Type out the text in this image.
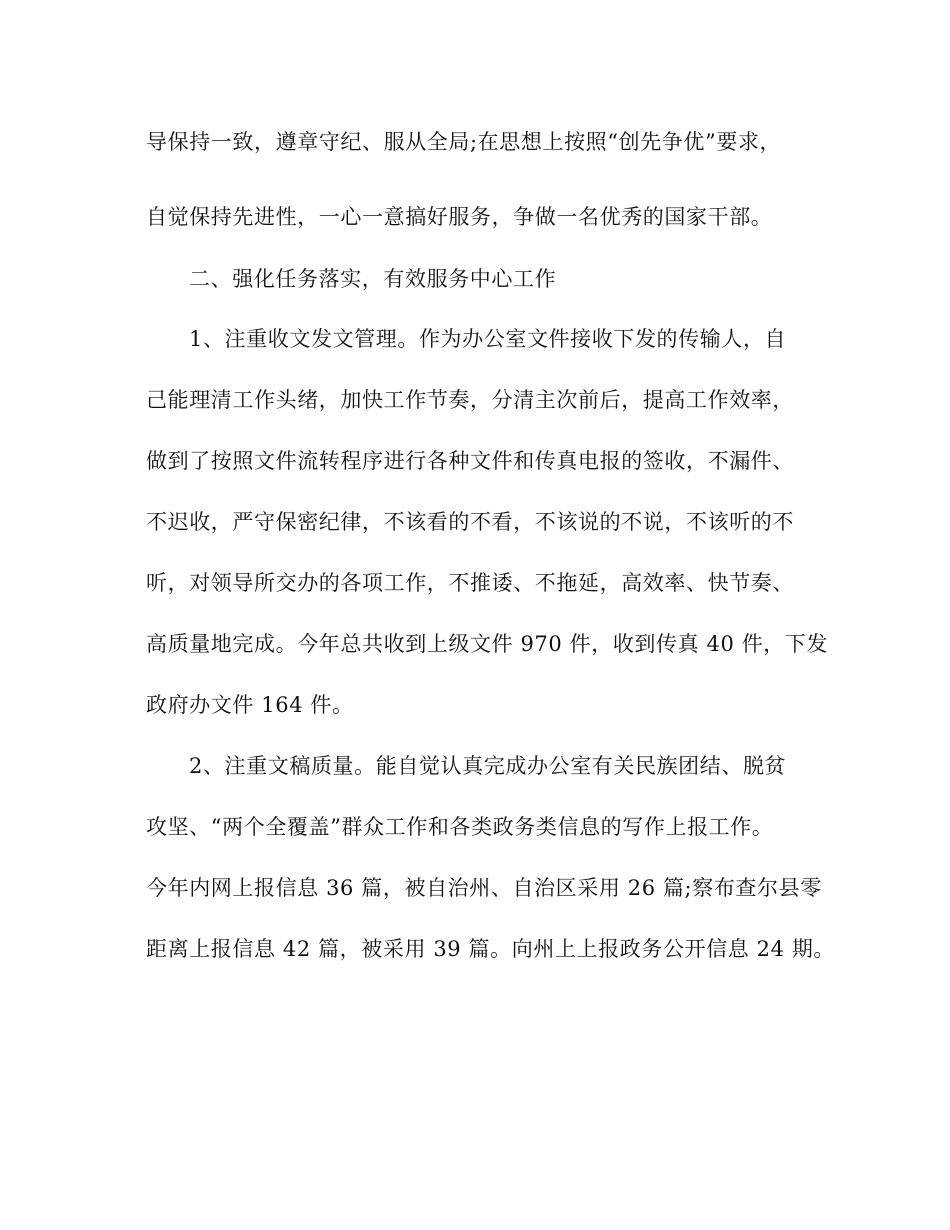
导保持一致，遵章守纪、服从全局;在思想上按照“创先争优”要求，
自觉保持先进性，一心一意搞好服务，争做一名优秀的国家干部。
二、强化任务落实，有效服务中心工作
1、注重收文发文管理。作为办公室文件接收下发的传输人，自
己能理清工作头绪，加快工作节奏，分清主次前后，提高工作效率，
做到了按照文件流转程序进行各种文件和传真电报的签收，不漏件、
不迟收，严守保密纪律，不该看的不看，不该说的不说，不该听的不
听，对领导所交办的各项工作，不推诿、不拖延，高效率、快节奏、
高质量地完成。今年总共收到上级文件 970 件，收到传真 40 件，下发
政府办文件 164 件。
2、注重文稿质量。能自觉认真完成办公室有关民族团结、脱贫
攻坚、“两个全覆盖”群众工作和各类政务类信息的写作上报工作。
今年内网上报信息 36 篇，被自治州、自治区采用 26 篇;察布查尔县零
距离上报信息 42 篇，被采用 39 篇。向州上上报政务公开信息 24 期。
